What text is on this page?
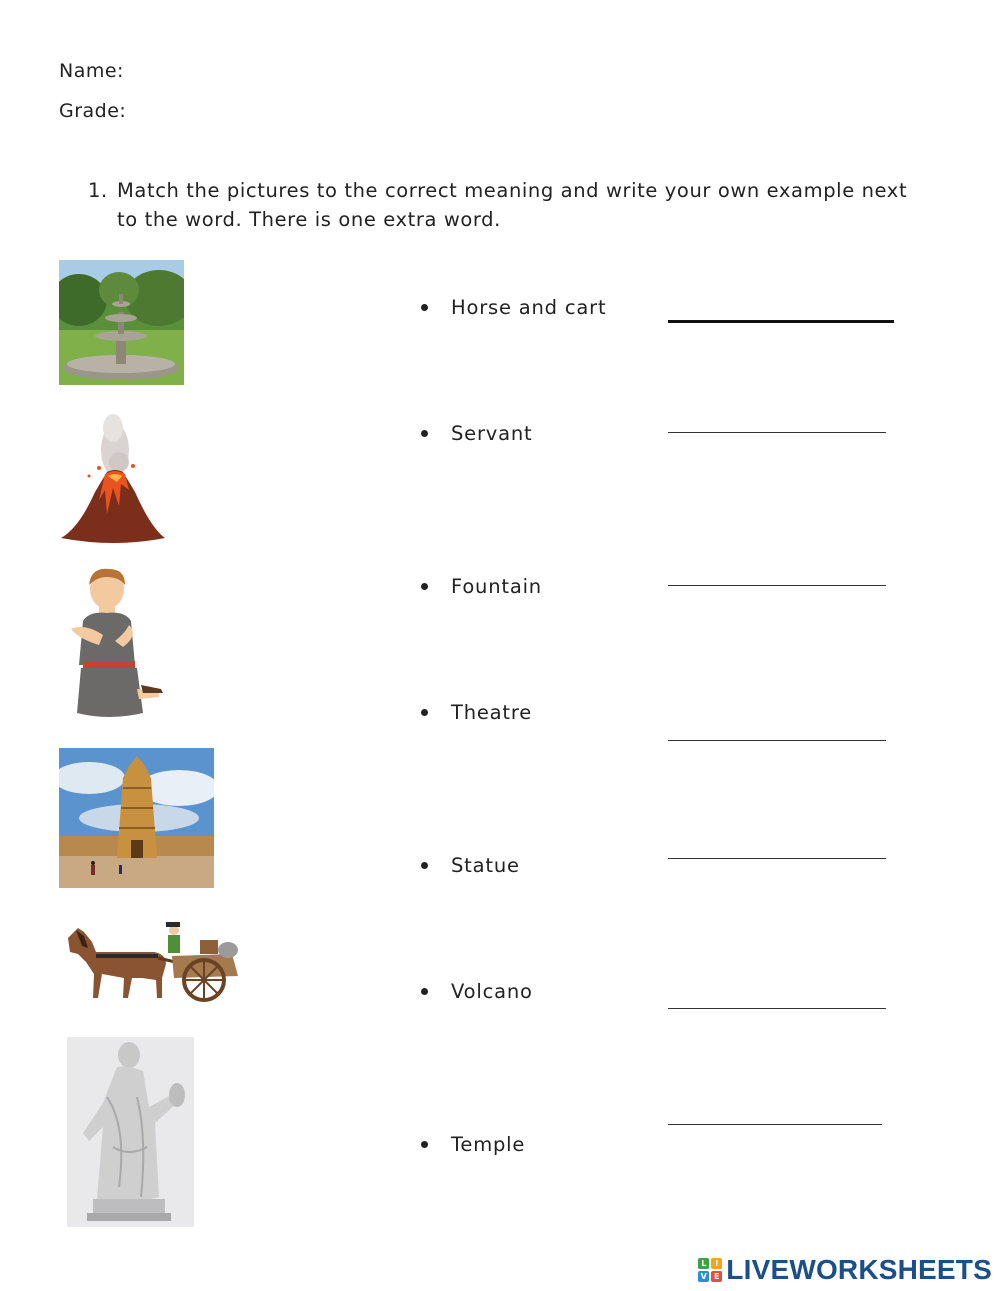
Name:
Grade:
1. Match the pictures to the correct meaning and write your own example next to the word. There is one extra word.
Horse and cart
Servant
Fountain
Theatre
Statue
Volcano
Temple
L	I
V E LIVEWORKSHEETS
